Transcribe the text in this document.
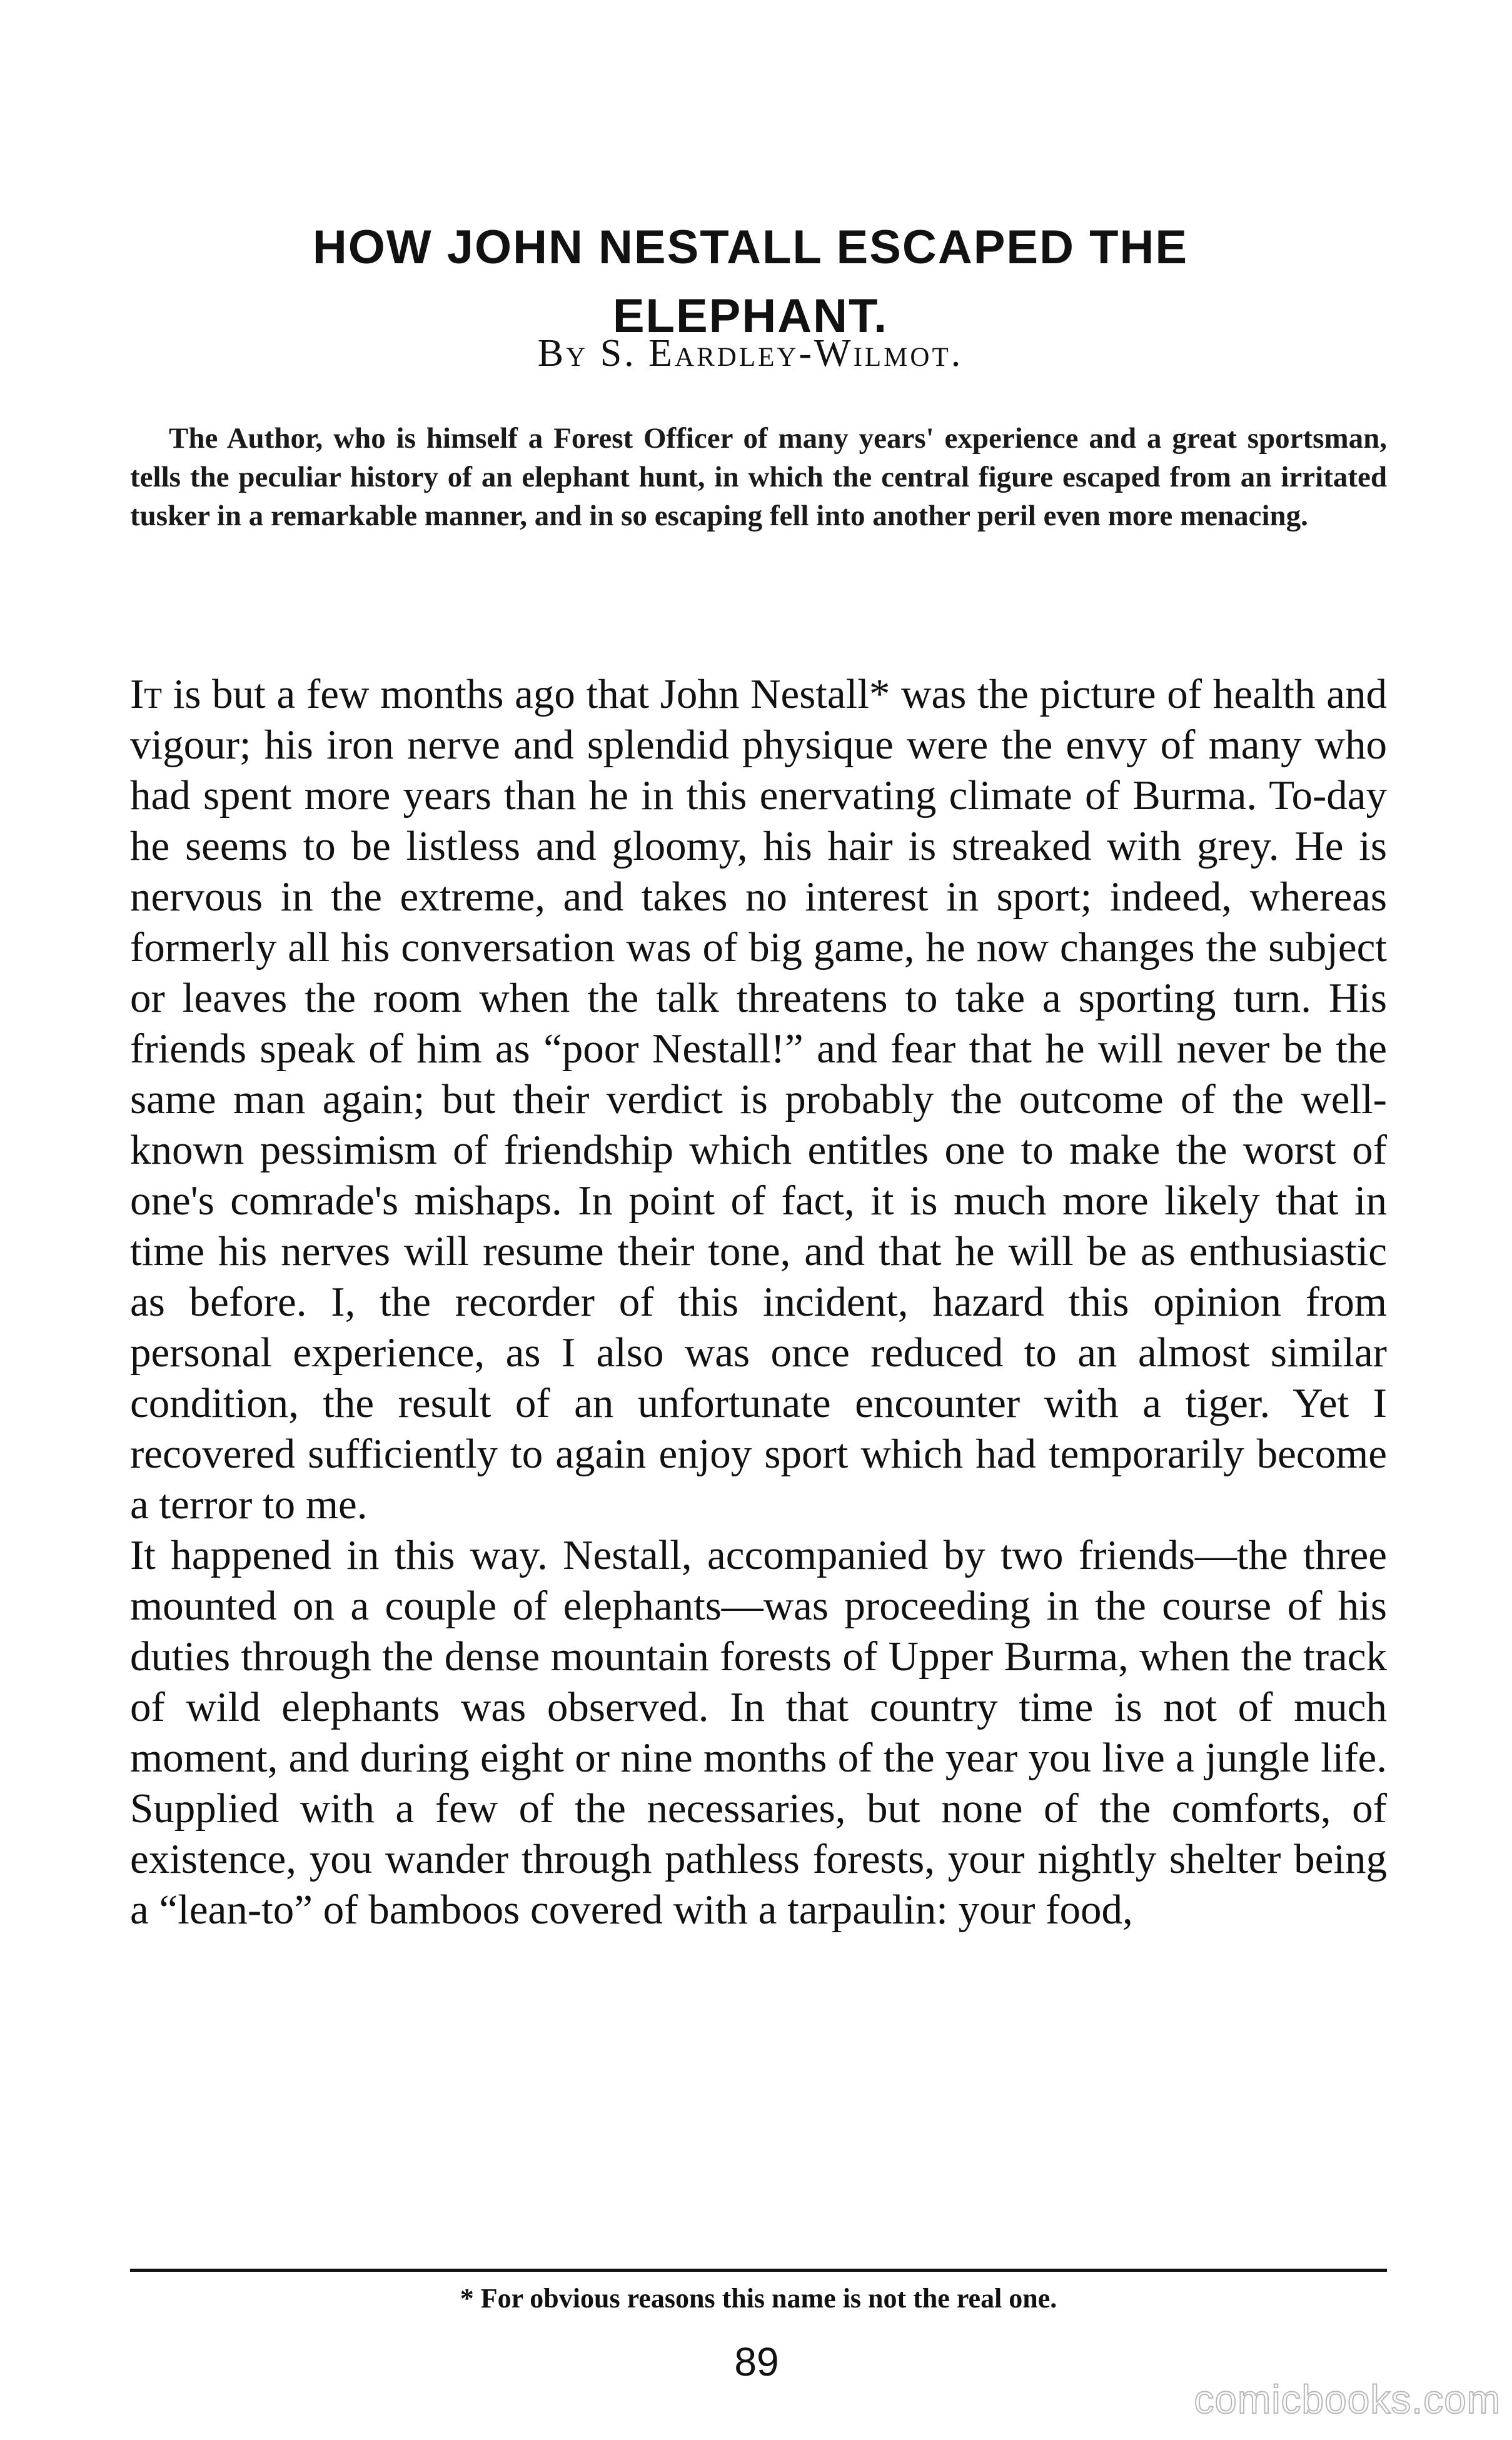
HOW JOHN NESTALL ESCAPED THE ELEPHANT.
By S. Eardley-Wilmot.
The Author, who is himself a Forest Officer of many years' experience and a great sportsman, tells the peculiar history of an elephant hunt, in which the central figure escaped from an irritated tusker in a remarkable manner, and in so escaping fell into another peril even more menacing.

It is but a few months ago that John Nestall* was the picture of health and vigour; his iron nerve and splendid physique were the envy of many who had spent more years than he in this enervating climate of Burma. To-day he seems to be listless and gloomy, his hair is streaked with grey. He is nervous in the extreme, and takes no interest in sport; indeed, whereas formerly all his conversation was of big game, he now changes the subject or leaves the room when the talk threatens to take a sporting turn. His friends speak of him as “poor Nestall!” and fear that he will never be the same man again; but their verdict is probably the outcome of the well-known pessimism of friendship which entitles one to make the worst of one's comrade's mishaps. In point of fact, it is much more likely that in time his nerves will resume their tone, and that he will be as enthusiastic as before. I, the recorder of this incident, hazard this opinion from personal experience, as I also was once reduced to an almost similar condition, the result of an unfortunate encounter with a tiger. Yet I recovered sufficiently to again enjoy sport which had temporarily become a terror to me.

It happened in this way. Nestall, accompanied by two friends—the three mounted on a couple of elephants—was proceeding in the course of his duties through the dense mountain forests of Upper Burma, when the track of wild elephants was observed. In that country time is not of much moment, and during eight or nine months of the year you live a jungle life. Supplied with a few of the necessaries, but none of the comforts, of existence, you wander through pathless forests, your nightly shelter being a “lean-to” of bamboos covered with a tarpaulin: your food,

* For obvious reasons this name is not the real one.
89
comicbooks.com
